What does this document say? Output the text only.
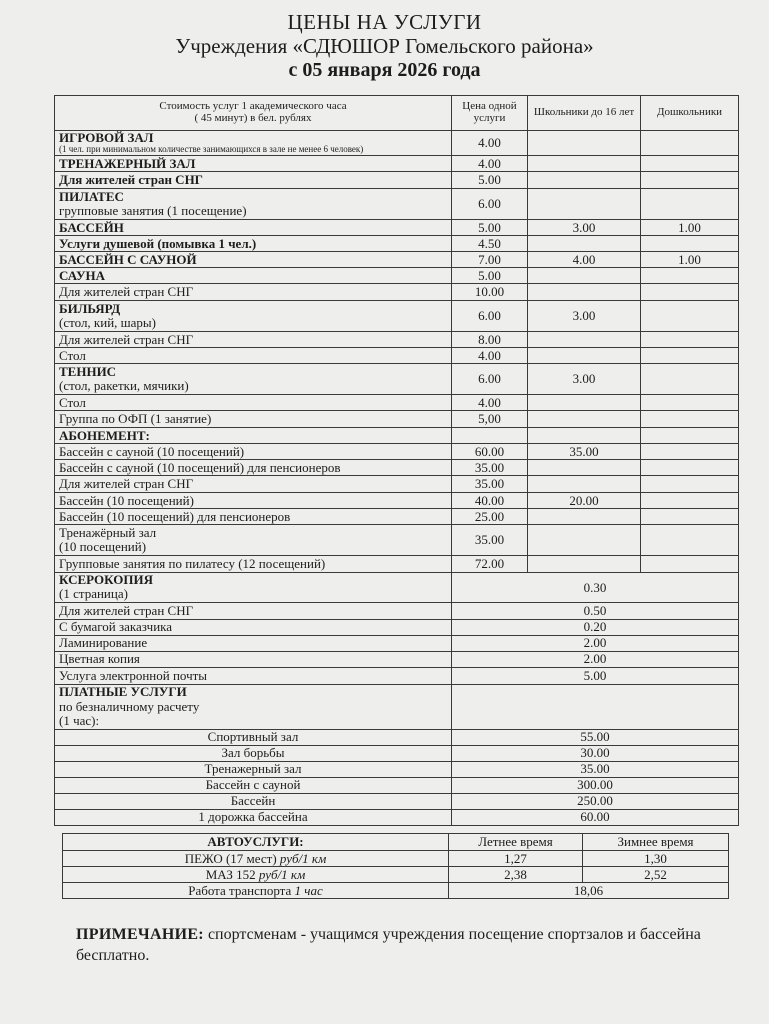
ЦЕНЫ НА УСЛУГИ
Учреждения «СДЮШОР Гомельского района»
с 05 января 2026 года
Стоимость услуг 1 академического часа
( 45 минут) в бел. рублях	Цена одной услуги	Школьники до 16 лет	Дошкольники

ИГРОВОЙ ЗАЛ
(1 чел. при минимальном количестве занимающихся в зале не менее 6 человек)	4.00		

ТРЕНАЖЕРНЫЙ ЗАЛ	4.00		

Для жителей стран СНГ	5.00		

ПИЛАТЕС
групповые занятия (1 посещение)	6.00		

БАССЕЙН	5.00	3.00	1.00

Услуги душевой (помывка 1 чел.)	4.50		

БАССЕЙН С САУНОЙ	7.00	4.00	1.00

САУНА	5.00		

Для жителей стран СНГ	10.00		

БИЛЬЯРД
(стол, кий, шары)	6.00	3.00	

Для жителей стран СНГ	8.00		

Стол	4.00		

ТЕННИС
(стол, ракетки, мячики)	6.00	3.00	

Стол	4.00		

Группа по ОФП (1 занятие)	5,00		

АБОНЕМЕНТ:			

Бассейн с сауной (10 посещений)	60.00	35.00	

Бассейн с сауной (10 посещений) для пенсионеров	35.00		

Для жителей стран СНГ	35.00		

Бассейн (10 посещений)	40.00	20.00	

Бассейн (10 посещений) для пенсионеров	25.00		

Тренажёрный зал
(10 посещений)	35.00		

Групповые занятия по пилатесу (12 посещений)	72.00		

КСЕРОКОПИЯ
(1 страница)	0.30		

Для жителей стран СНГ	0.50		

С бумагой заказчика	0.20		

Ламинирование	2.00		

Цветная копия	2.00		

Услуга электронной почты	5.00		

ПЛАТНЫЕ УСЛУГИ
по безналичному расчету
(1 час):			

Спортивный зал	55.00		
Зал борьбы	30.00		
Тренажерный зал	35.00		
Бассейн с сауной	300.00		
Бассейн	250.00		
1 дорожка бассейна	60.00		
АВТОУСЛУГИ:	Летнее время	Зимнее время
ПЕЖО (17 мест) руб/1 км	1,27	1,30
МАЗ 152 руб/1 км	2,38	2,52
Работа транспорта 1 час	18,06	
ПРИМЕЧАНИЕ: спортсменам - учащимся учреждения посещение спортзалов и бассейна бесплатно.
